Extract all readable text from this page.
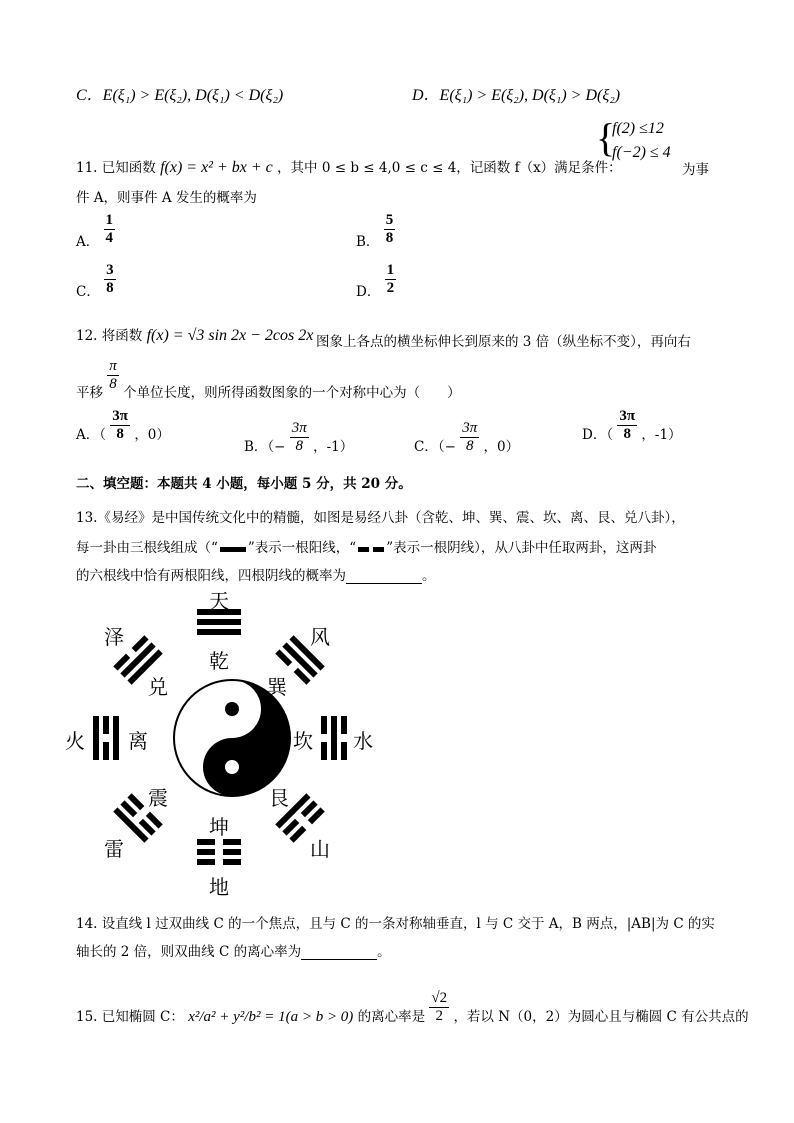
C．E(ξ₁) > E(ξ₂), D(ξ₁) < D(ξ₂)	D．E(ξ₁) > E(ξ₂), D(ξ₁) > D(ξ₂)
11. 已知函数 f(x) = x² + bx + c ，其中 0 ≤ b ≤ 4,0 ≤ c ≤ 4，记函数 f（x）满足条件：
{
f(2) ≤12
f(−2) ≤ 4
为事
件 A，则事件 A 发生的概率为
A． $\frac{1}{4}$	B． $\frac{5}{8}$
C． $\frac{3}{8}$	D． $\frac{1}{2}$
12. 将函数 f(x) = √3 sin 2x − 2cos 2x 图象上各点的横坐标伸长到原来的 3 倍（纵坐标不变），再向右
平移 $\frac{\pi}{8}$ 个单位长度，则所得函数图象的一个对称中心为（　　）
A．（ $\frac{3\pi}{8}$ ，0）
B．（− $\frac{3\pi}{8}$ ，-1）	C．（− $\frac{3\pi}{8}$ ，0）
D．（ $\frac{3\pi}{8}$ ，-1）
二、填空题：本题共 4 小题，每小题 5 分，共 20 分。
13.《易经》是中国传统文化中的精髓，如图是易经八卦（含乾、坤、巽、震、坎、离、艮、兑八卦），
每一卦由三根线组成（“ ”表示一根阳线，“ ”表示一根阴线），从八卦中任取两卦，这两卦
的六根线中恰有两根阳线，四根阴线的概率为	。
天
乾
风
巽
坎 水
艮
山
坤
地
震
雷
离
火
泽
兑
14. 设直线 l 过双曲线 C 的一个焦点，且与 C 的一条对称轴垂直，l 与 C 交于 A，B 两点，|AB|为 C 的实
轴长的 2 倍，则双曲线 C 的离心率为	。
15. 已知椭圆 C： x²/a² + y²/b² = 1(a > b > 0) 的离心率是 $\frac{√2}{2}$ ，若以 N（0，2）为圆心且与椭圆 C 有公共点的
